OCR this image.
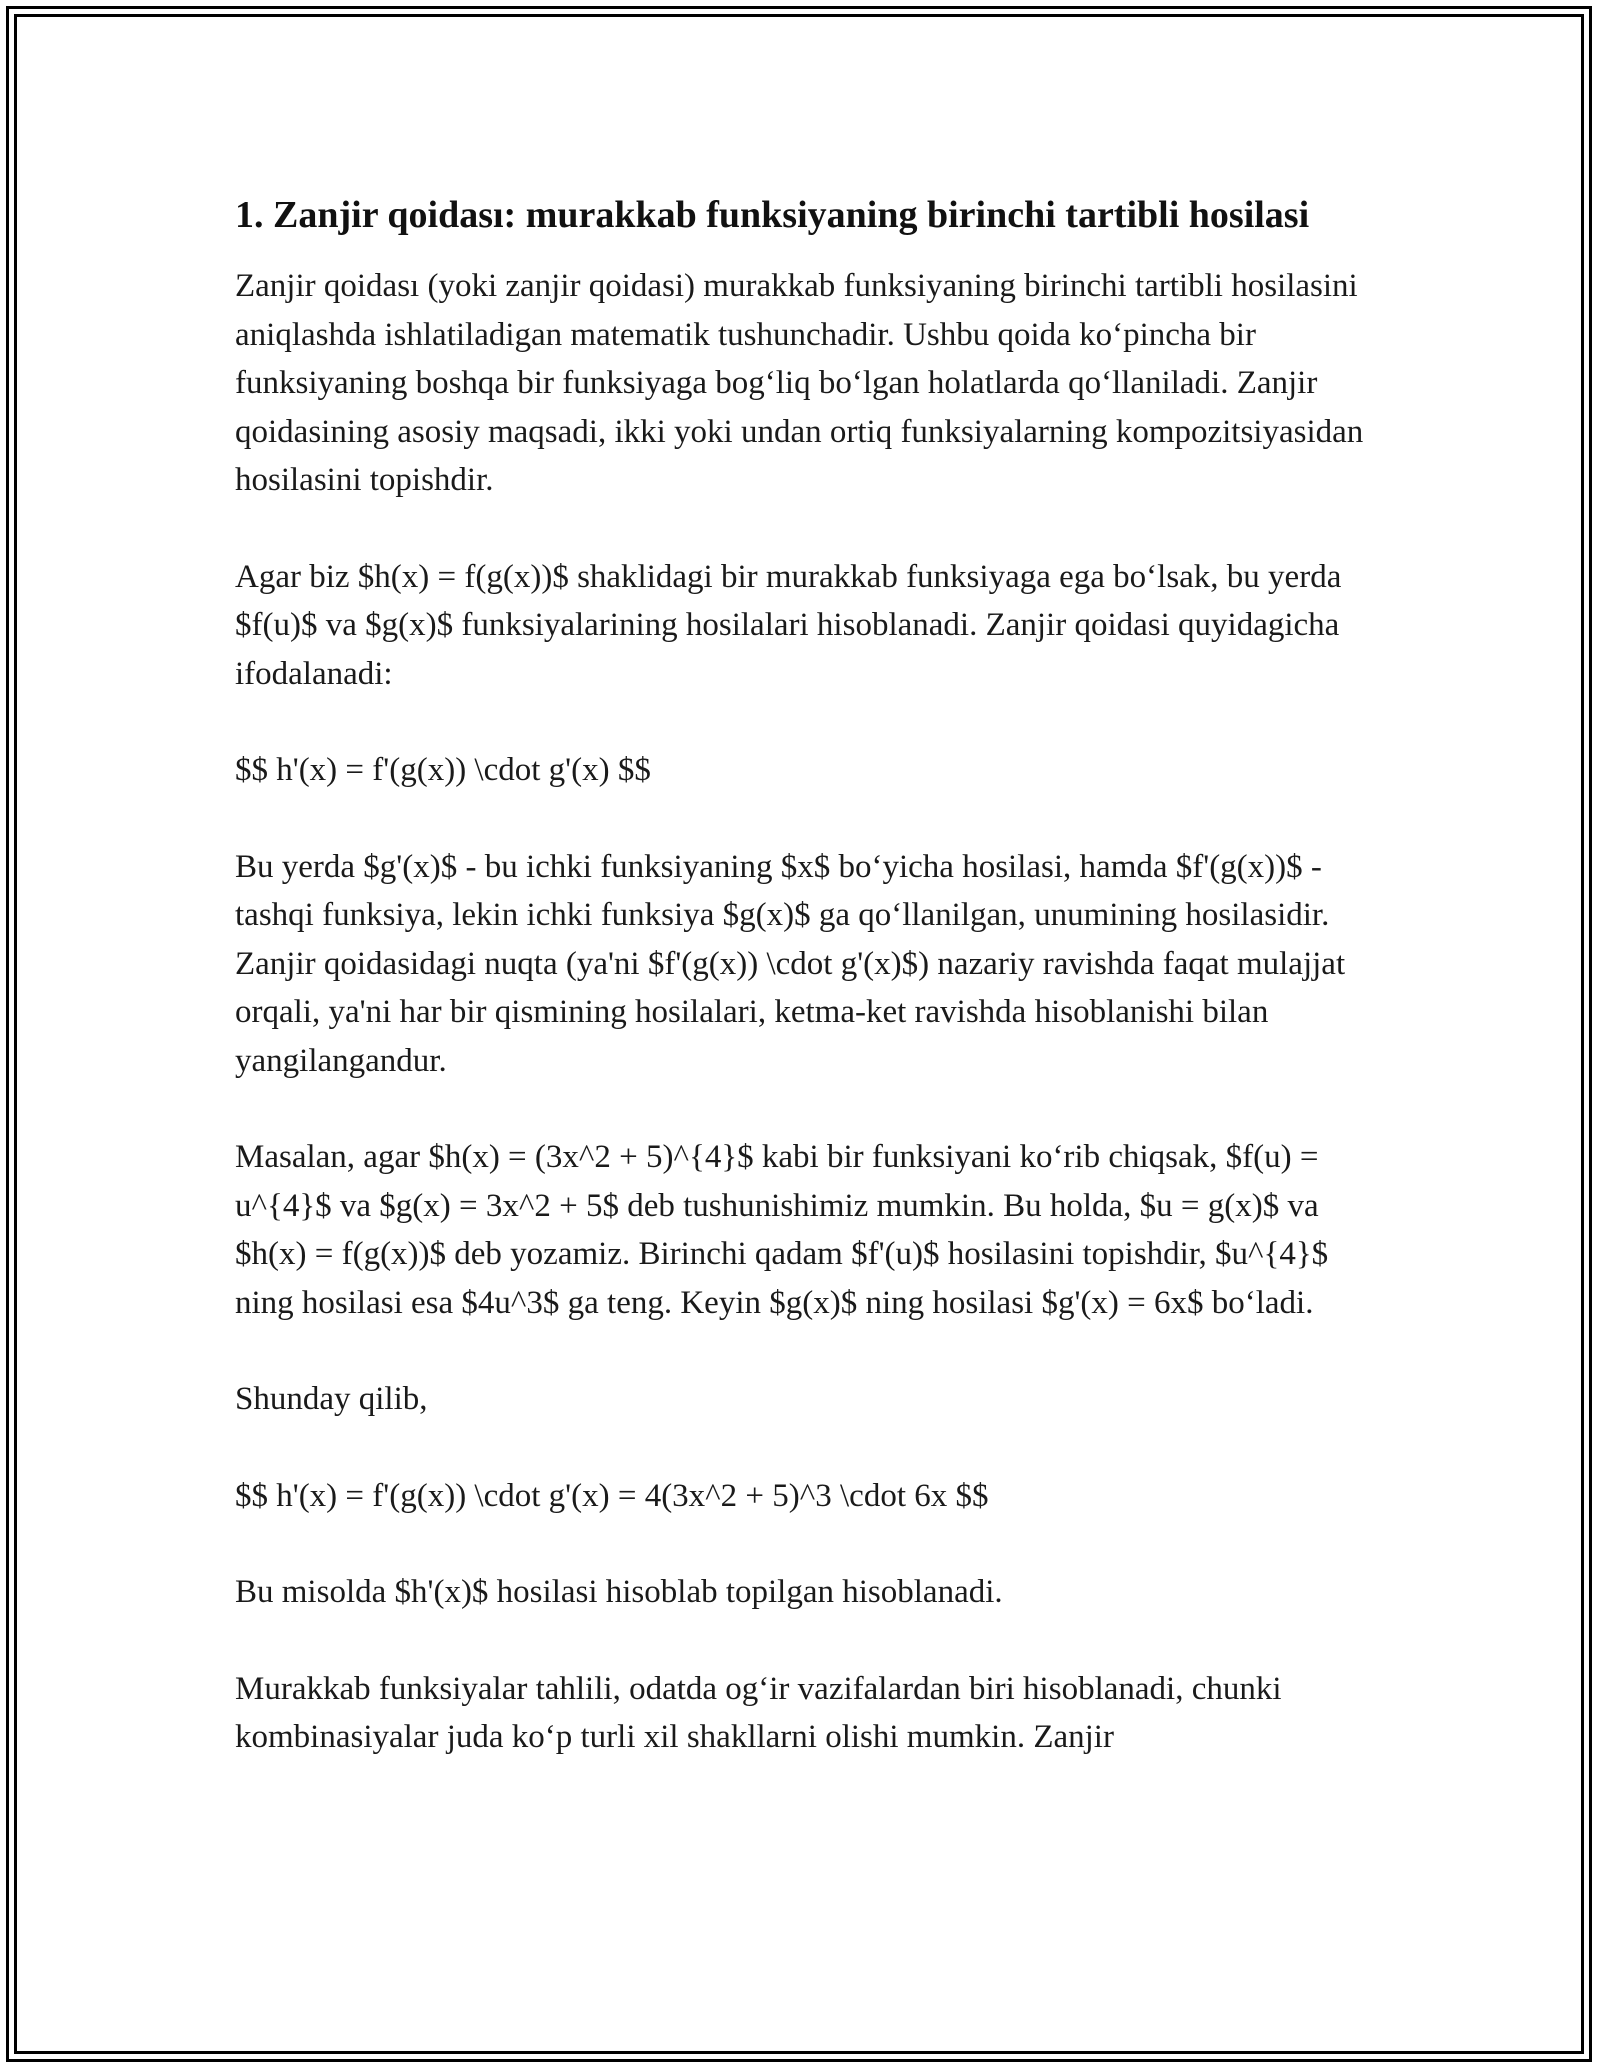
1. Zanjir qoidası: murakkab funksiyaning birinchi tartibli hosilasi

Zanjir qoidası (yoki zanjir qoidasi) murakkab funksiyaning birinchi tartibli hosilasini aniqlashda ishlatiladigan matematik tushunchadir. Ushbu qoida koʻpincha bir funksiyaning boshqa bir funksiyaga bogʻliq boʻlgan holatlarda qoʻllaniladi. Zanjir qoidasining asosiy maqsadi, ikki yoki undan ortiq funksiyalarning kompozitsiyasidan hosilasini topishdir.

Agar biz $h(x) = f(g(x))$ shaklidagi bir murakkab funksiyaga ega boʻlsak, bu yerda $f(u)$ va $g(x)$ funksiyalarining hosilalari hisoblanadi. Zanjir qoidasi quyidagicha ifodalanadi:

$$ h'(x) = f'(g(x)) \cdot g'(x) $$

Bu yerda $g'(x)$ - bu ichki funksiyaning $x$ boʻyicha hosilasi, hamda $f'(g(x))$ - tashqi funksiya, lekin ichki funksiya $g(x)$ ga qoʻllanilgan, unumining hosilasidir. Zanjir qoidasidagi nuqta (ya'ni $f'(g(x)) \cdot g'(x)$) nazariy ravishda faqat mulajjat orqali, ya'ni har bir qismining hosilalari, ketma-ket ravishda hisoblanishi bilan yangilangandur.

Masalan, agar $h(x) = (3x^2 + 5)^{4}$ kabi bir funksiyani koʻrib chiqsak, $f(u) = u^{4}$ va $g(x) = 3x^2 + 5$ deb tushunishimiz mumkin. Bu holda, $u = g(x)$ va $h(x) = f(g(x))$ deb yozamiz. Birinchi qadam $f'(u)$ hosilasini topishdir, $u^{4}$ ning hosilasi esa $4u^3$ ga teng. Keyin $g(x)$ ning hosilasi $g'(x) = 6x$ boʻladi.

Shunday qilib,

$$ h'(x) = f'(g(x)) \cdot g'(x) = 4(3x^2 + 5)^3 \cdot 6x $$

Bu misolda $h'(x)$ hosilasi hisoblab topilgan hisoblanadi.

Murakkab funksiyalar tahlili, odatda ogʻir vazifalardan biri hisoblanadi, chunki kombinasiyalar juda koʻp turli xil shakllarni olishi mumkin. Zanjir
